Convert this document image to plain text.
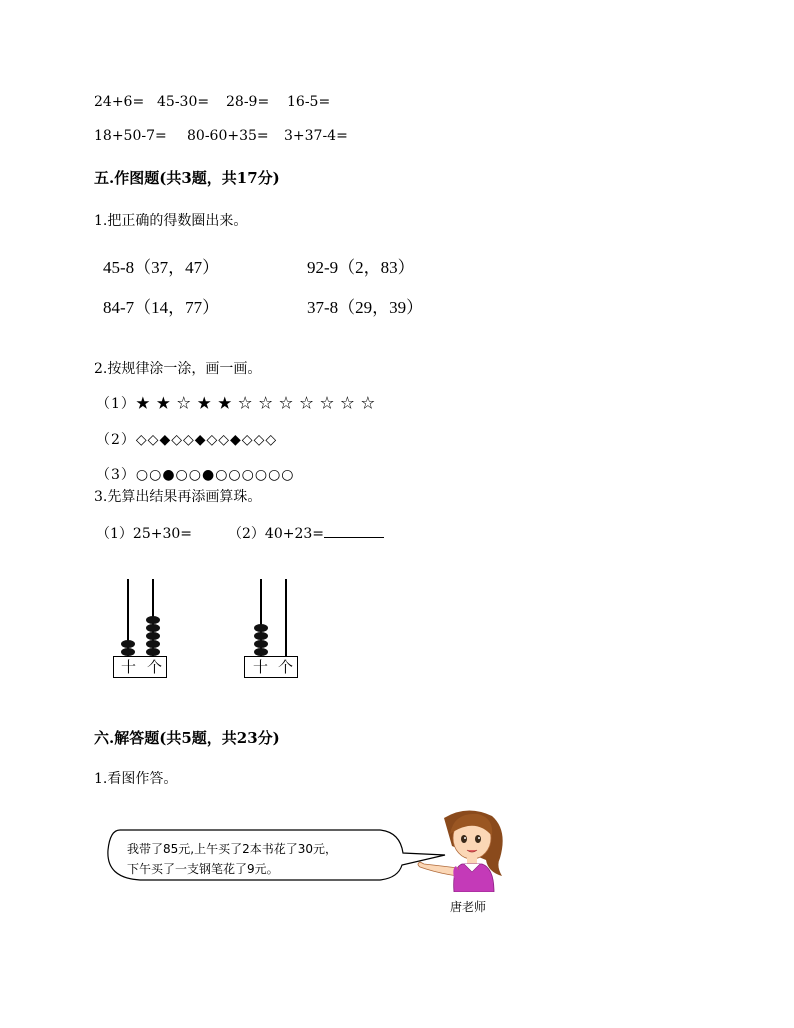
24+6= 45-30= 28-9= 16-5=
18+50-7= 80-60+35= 3+37-4=
五.作图题(共3题，共17分)
1.把正确的得数圈出来。
45-8（37，47）	92-9（2，83）
84-7（14，77）	37-8（29，39）
2.按规律涂一涂，画一画。
（1）★ ★ ☆ ★ ★ ☆ ☆ ☆ ☆ ☆ ☆ ☆
（2）◇◇◆◇◇◆◇◇◆◇◇◇
（3）○○●○○●○○○○○○
3.先算出结果再添画算珠。
（1）25+30=	（2）40+23=
十 个	十 个
六.解答题(共5题，共23分)
1.看图作答。
我带了85元,上午买了2本书花了30元，
下午买了一支钢笔花了9元。
唐老师
